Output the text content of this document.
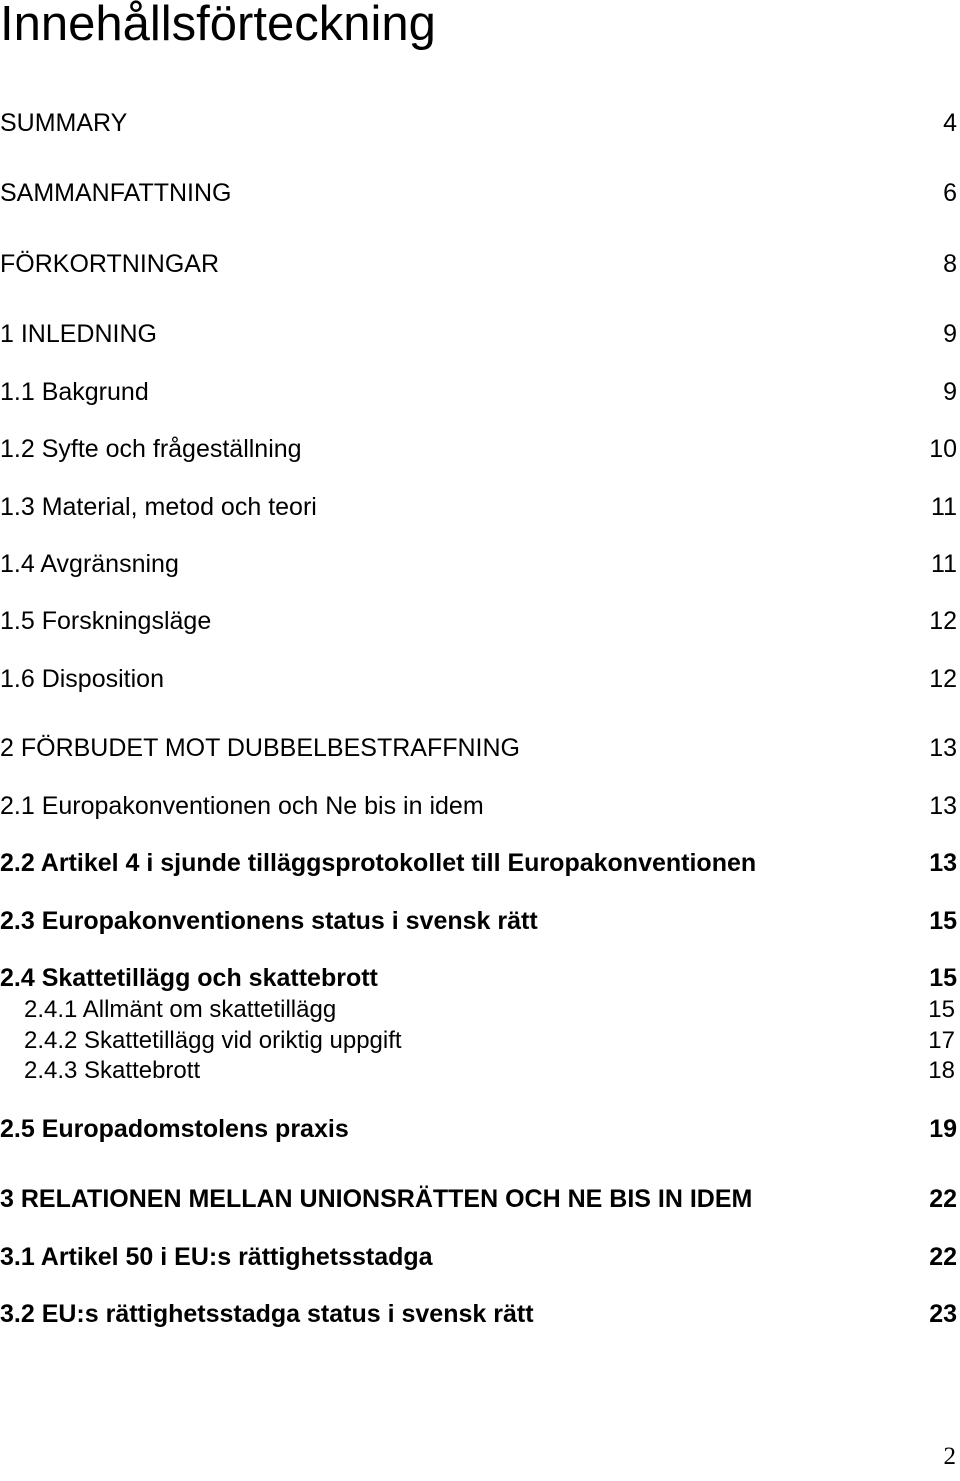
Innehållsförteckning
SUMMARY	4
SAMMANFATTNING	6
FÖRKORTNINGAR	8
1 INLEDNING	9
1.1 Bakgrund	9
1.2 Syfte och frågeställning	10
1.3 Material, metod och teori	11
1.4 Avgränsning	11
1.5 Forskningsläge	12
1.6 Disposition	12
2 FÖRBUDET MOT DUBBELBESTRAFFNING	13
2.1 Europakonventionen och Ne bis in idem	13
2.2 Artikel 4 i sjunde tilläggsprotokollet till Europakonventionen	13
2.3 Europakonventionens status i svensk rätt	15
2.4 Skattetillägg och skattebrott	15
2.4.1 Allmänt om skattetillägg	15
2.4.2 Skattetillägg vid oriktig uppgift	17
2.4.3 Skattebrott	18
2.5 Europadomstolens praxis	19
3 RELATIONEN MELLAN UNIONSRÄTTEN OCH NE BIS IN IDEM	22
3.1 Artikel 50 i EU:s rättighetsstadga	22
3.2 EU:s rättighetsstadga status i svensk rätt	23
2
